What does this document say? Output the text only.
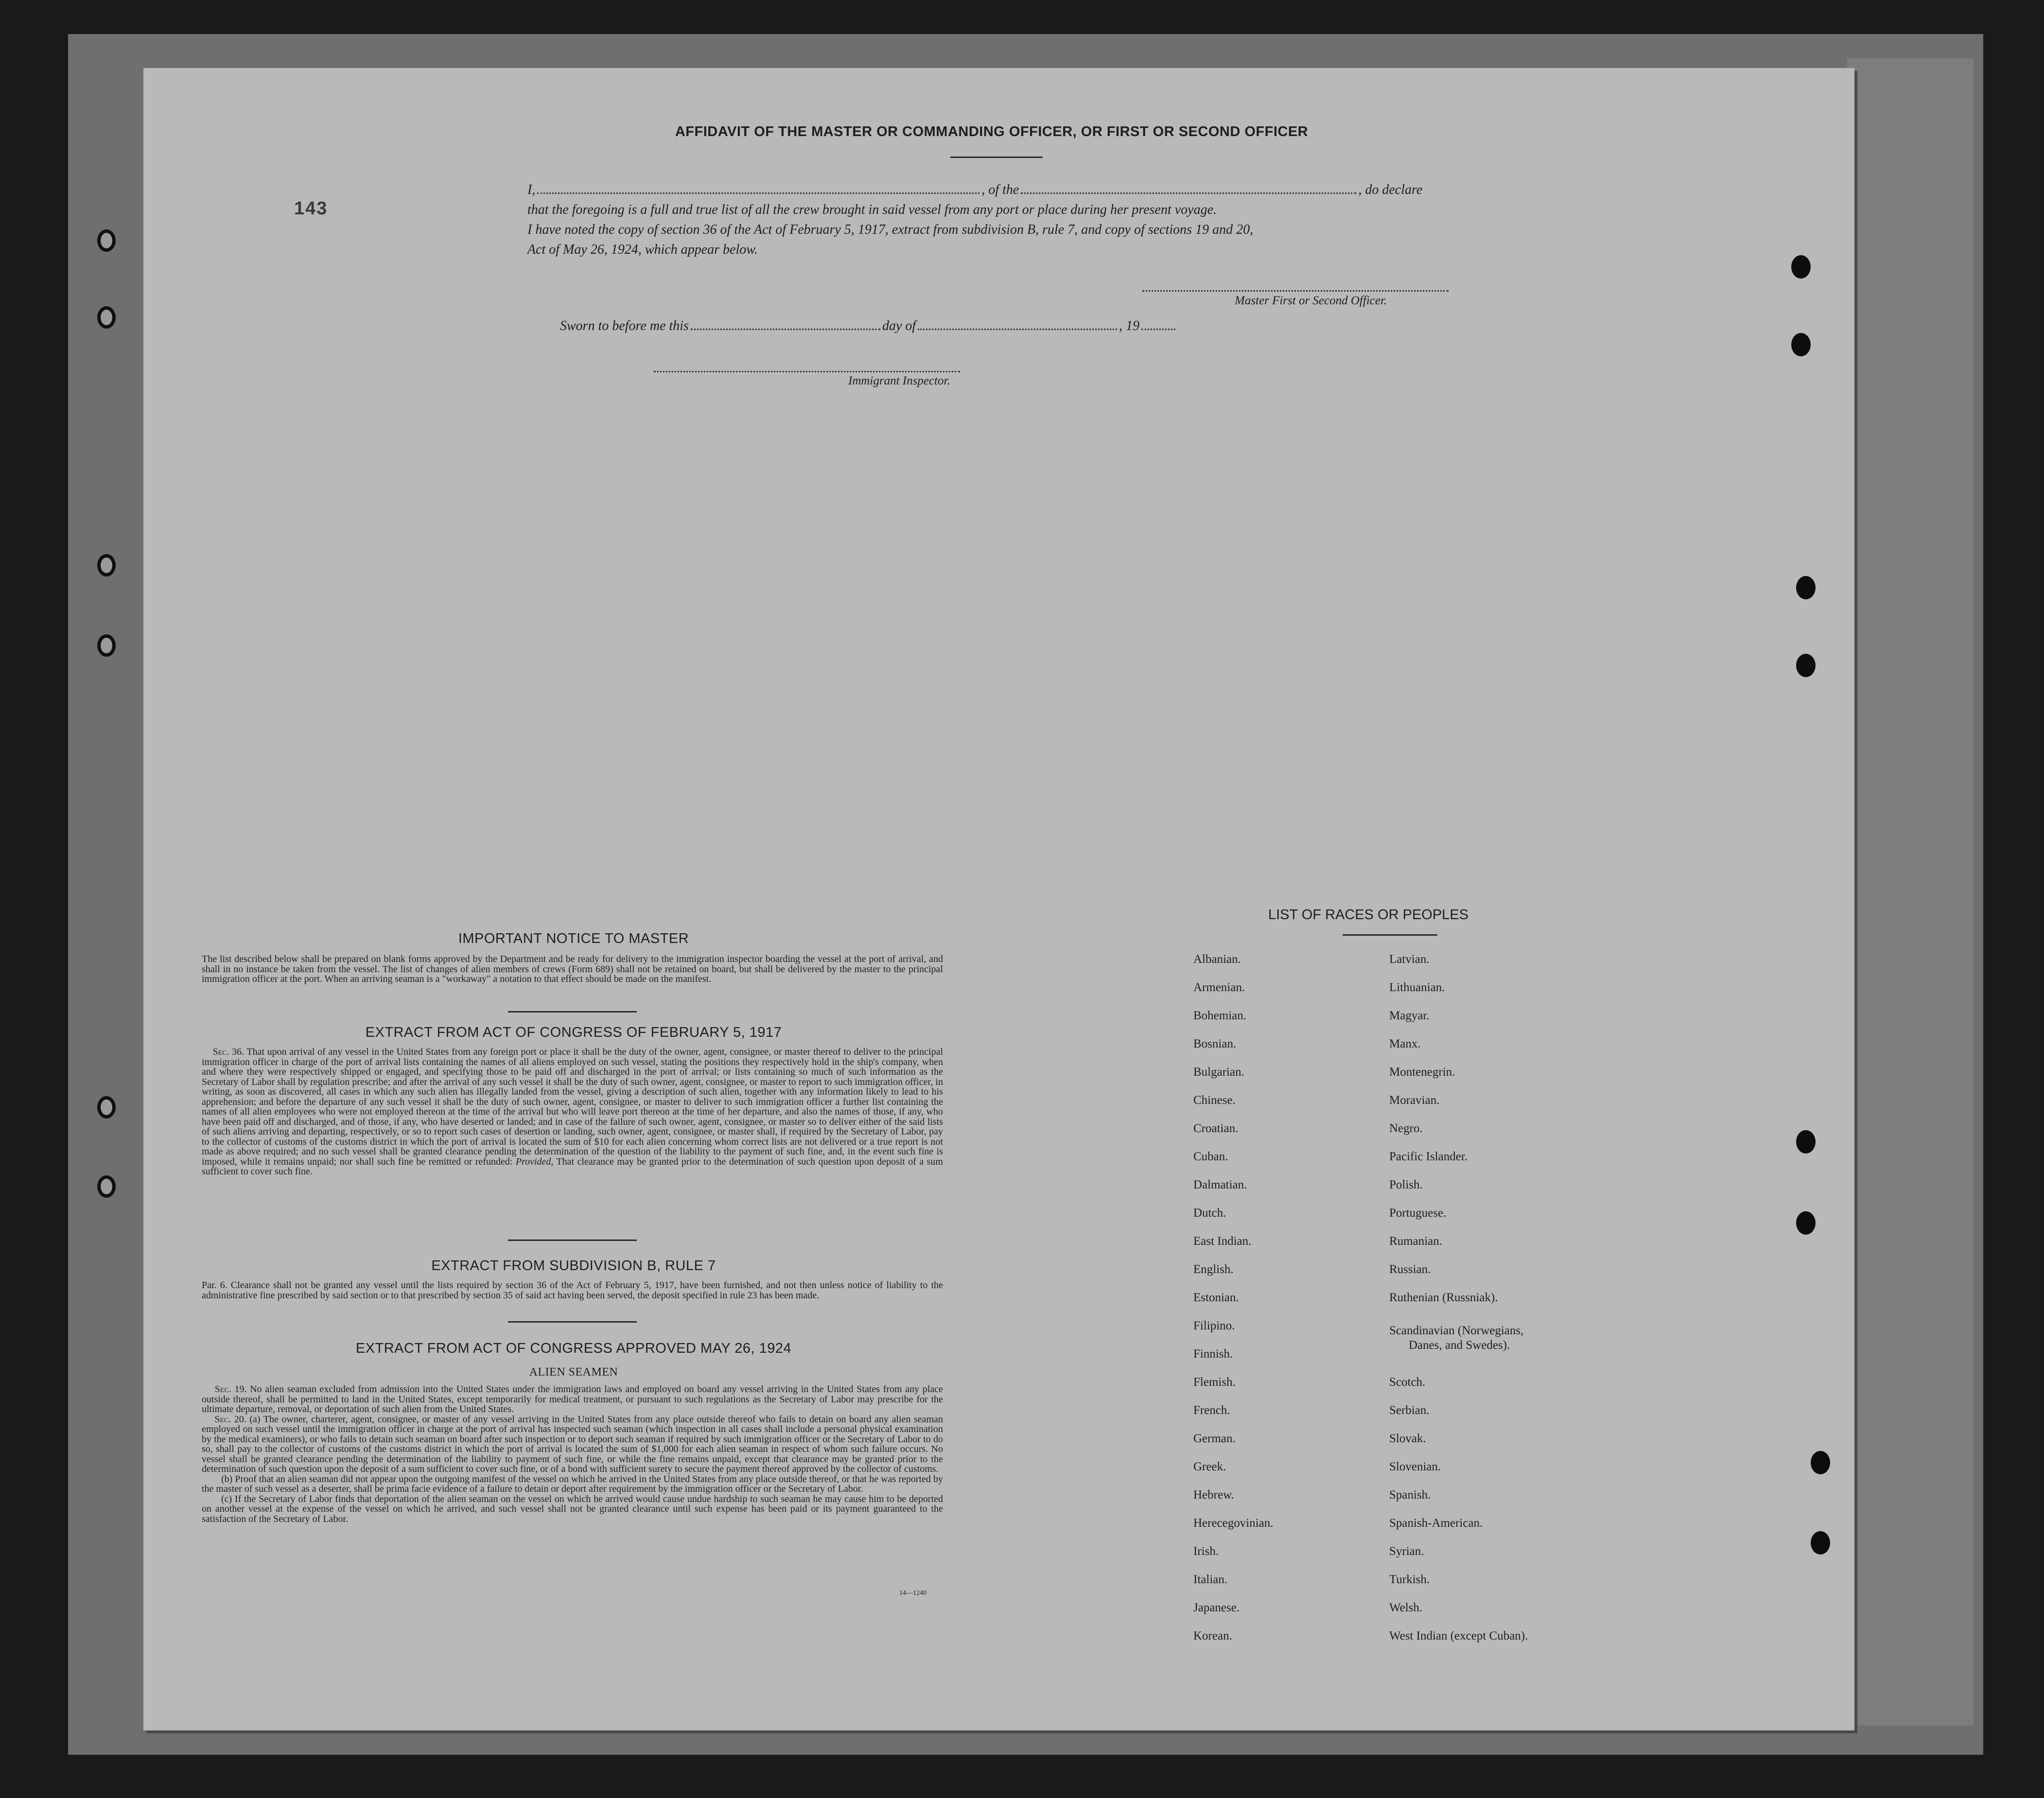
143
AFFIDAVIT OF THE MASTER OR COMMANDING OFFICER, OR FIRST OR SECOND OFFICER
I,	, of the	, do declare
that the foregoing is a full and true list of all the crew brought in said vessel from any port or place during her present voyage.
I have noted the copy of section 36 of the Act of February 5, 1917, extract from subdivision B, rule 7, and copy of sections 19 and 20,
Act of May 26, 1924, which appear below.
Master First or Second Officer.
Sworn to before me this	day of	, 19
Immigrant Inspector.
IMPORTANT NOTICE TO MASTER
The list described below shall be prepared on blank forms approved by the Department and be ready for delivery to the immigration inspector boarding the vessel at the port of arrival, and shall in no instance be taken from the vessel. The list of changes of alien members of crews (Form 689) shall not be retained on board, but shall be delivered by the master to the principal immigration officer at the port. When an arriving seaman is a "workaway" a notation to that effect should be made on the manifest.
EXTRACT FROM ACT OF CONGRESS OF FEBRUARY 5, 1917
Sec. 36. That upon arrival of any vessel in the United States from any foreign port or place it shall be the duty of the owner, agent, consignee, or master thereof to deliver to the principal immigration officer in charge of the port of arrival lists containing the names of all aliens employed on such vessel, stating the positions they respectively hold in the ship's company, when and where they were respectively shipped or engaged, and specifying those to be paid off and discharged in the port of arrival; or lists containing so much of such information as the Secretary of Labor shall by regulation prescribe; and after the arrival of any such vessel it shall be the duty of such owner, agent, consignee, or master to report to such immigration officer, in writing, as soon as discovered, all cases in which any such alien has illegally landed from the vessel, giving a description of such alien, together with any information likely to lead to his apprehension; and before the departure of any such vessel it shall be the duty of such owner, agent, consignee, or master to deliver to such immigration officer a further list containing the names of all alien employees who were not employed thereon at the time of the arrival but who will leave port thereon at the time of her departure, and also the names of those, if any, who have been paid off and discharged, and of those, if any, who have deserted or landed; and in case of the failure of such owner, agent, consignee, or master so to deliver either of the said lists of such aliens arriving and departing, respectively, or so to report such cases of desertion or landing, such owner, agent, consignee, or master shall, if required by the Secretary of Labor, pay to the collector of customs of the customs district in which the port of arrival is located the sum of $10 for each alien concerning whom correct lists are not delivered or a true report is not made as above required; and no such vessel shall be granted clearance pending the determination of the question of the liability to the payment of such fine, and, in the event such fine is imposed, while it remains unpaid; nor shall such fine be remitted or refunded: Provided, That clearance may be granted prior to the determination of such question upon deposit of a sum sufficient to cover such fine.
EXTRACT FROM SUBDIVISION B, RULE 7
Par. 6. Clearance shall not be granted any vessel until the lists required by section 36 of the Act of February 5, 1917, have been furnished, and not then unless notice of liability to the administrative fine prescribed by said section or to that prescribed by section 35 of said act having been served, the deposit specified in rule 23 has been made.
EXTRACT FROM ACT OF CONGRESS APPROVED MAY 26, 1924
ALIEN SEAMEN
Sec. 19. No alien seaman excluded from admission into the United States under the immigration laws and employed on board any vessel arriving in the United States from any place outside thereof, shall be permitted to land in the United States, except temporarily for medical treatment, or pursuant to such regulations as the Secretary of Labor may prescribe for the ultimate departure, removal, or deportation of such alien from the United States.
Sec. 20. (a) The owner, charterer, agent, consignee, or master of any vessel arriving in the United States from any place outside thereof who fails to detain on board any alien seaman employed on such vessel until the immigration officer in charge at the port of arrival has inspected such seaman (which inspection in all cases shall include a personal physical examination by the medical examiners), or who fails to detain such seaman on board after such inspection or to deport such seaman if required by such immigration officer or the Secretary of Labor to do so, shall pay to the collector of customs of the customs district in which the port of arrival is located the sum of $1,000 for each alien seaman in respect of whom such failure occurs. No vessel shall be granted clearance pending the determination of the liability to payment of such fine, or while the fine remains unpaid, except that clearance may be granted prior to the determination of such question upon the deposit of a sum sufficient to cover such fine, or of a bond with sufficient surety to secure the payment thereof approved by the collector of customs.
(b) Proof that an alien seaman did not appear upon the outgoing manifest of the vessel on which he arrived in the United States from any place outside thereof, or that he was reported by the master of such vessel as a deserter, shall be prima facie evidence of a failure to detain or deport after requirement by the immigration officer or the Secretary of Labor.
(c) If the Secretary of Labor finds that deportation of the alien seaman on the vessel on which he arrived would cause undue hardship to such seaman he may cause him to be deported on another vessel at the expense of the vessel on which he arrived, and such vessel shall not be granted clearance until such expense has been paid or its payment guaranteed to the satisfaction of the Secretary of Labor.
14—1240
LIST OF RACES OR PEOPLES
Albanian.
Armenian.
Bohemian.
Bosnian.
Bulgarian.
Chinese.
Croatian.
Cuban.
Dalmatian.
Dutch.
East Indian.
English.
Estonian.
Filipino.
Finnish.
Flemish.
French.
German.
Greek.
Hebrew.
Herecegovinian.
Irish.
Italian.
Japanese.
Korean.
Latvian.
Lithuanian.
Magyar.
Manx.
Montenegrin.
Moravian.
Negro.
Pacific Islander.
Polish.
Portuguese.
Rumanian.
Russian.
Ruthenian (Russniak).
Scandinavian (Norwegians,
Danes, and Swedes).
Scotch.
Serbian.
Slovak.
Slovenian.
Spanish.
Spanish-American.
Syrian.
Turkish.
Welsh.
West Indian (except Cuban).
